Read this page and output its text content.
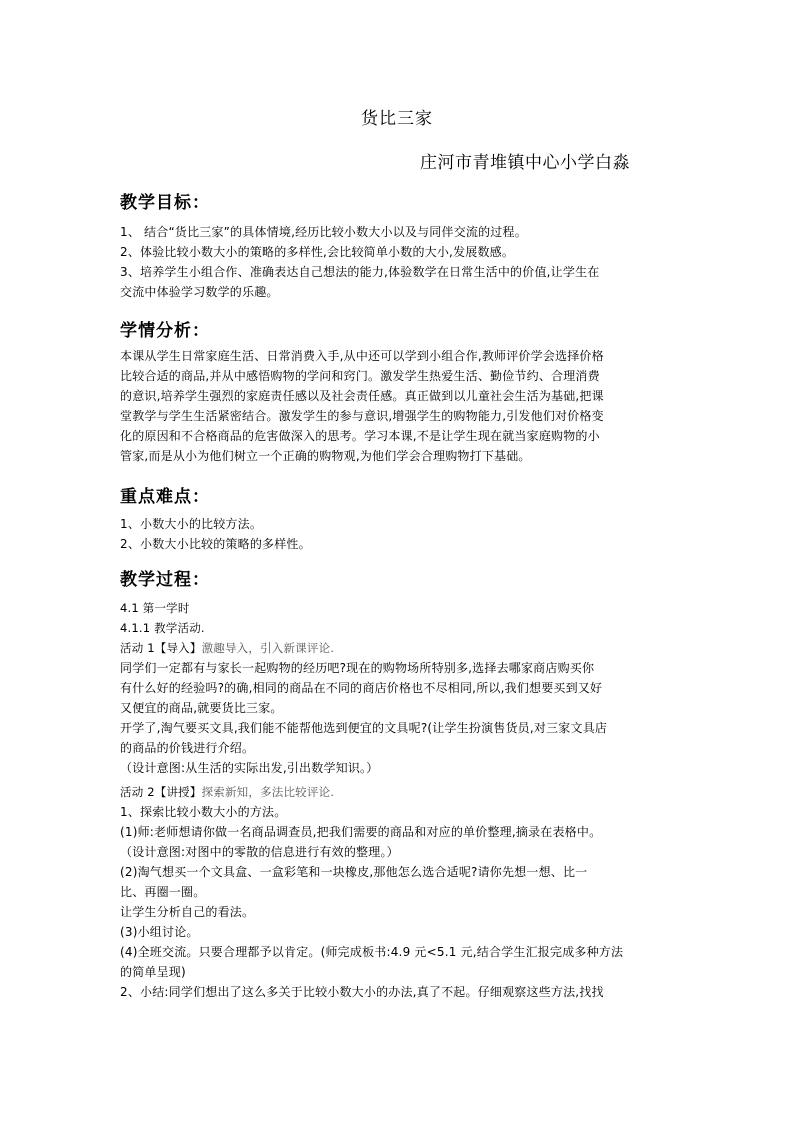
货比三家
庄河市青堆镇中心小学白淼
教学目标：
1、 结合“货比三家”的具体情境,经历比较小数大小以及与同伴交流的过程。
2、体验比较小数大小的策略的多样性,会比较简单小数的大小,发展数感。
3、培养学生小组合作、准确表达自己想法的能力,体验数学在日常生活中的价值,让学生在
交流中体验学习数学的乐趣。
学情分析：
本课从学生日常家庭生活、日常消费入手,从中还可以学到小组合作,教师评价学会选择价格
比较合适的商品,并从中感悟购物的学问和窍门。激发学生热爱生活、勤俭节约、合理消费
的意识,培养学生强烈的家庭责任感以及社会责任感。真正做到以儿童社会生活为基础,把课
堂教学与学生生活紧密结合。激发学生的参与意识,增强学生的购物能力,引发他们对价格变
化的原因和不合格商品的危害做深入的思考。学习本课,不是让学生现在就当家庭购物的小
管家,而是从小为他们树立一个正确的购物观,为他们学会合理购物打下基础。
重点难点：
1、小数大小的比较方法。
2、小数大小比较的策略的多样性。
教学过程：
4.1 第一学时
4.1.1 教学活动.
活动 1【导入】激趣导入，引入新课评论.
同学们一定都有与家长一起购物的经历吧?现在的购物场所特别多,选择去哪家商店购买你
有什么好的经验吗?的确,相同的商品在不同的商店价格也不尽相同,所以,我们想要买到又好
又便宜的商品,就要货比三家。
开学了,淘气要买文具,我们能不能帮他选到便宜的文具呢?(让学生扮演售货员,对三家文具店
的商品的价钱进行介绍。
（设计意图:从生活的实际出发,引出数学知识。）
活动 2【讲授】探索新知，多法比较评论.
1、探索比较小数大小的方法。
(1)师:老师想请你做一名商品调查员,把我们需要的商品和对应的单价整理,摘录在表格中。
（设计意图:对图中的零散的信息进行有效的整理。）
(2)淘气想买一个文具盒、一盒彩笔和一块橡皮,那他怎么选合适呢?请你先想一想、比一
比、再圈一圈。
让学生分析自己的看法。
(3)小组讨论。
(4)全班交流。只要合理都予以肯定。(师完成板书:4.9 元<5.1 元,结合学生汇报完成多种方法
的简单呈现)
2、小结:同学们想出了这么多关于比较小数大小的办法,真了不起。仔细观察这些方法,找找
